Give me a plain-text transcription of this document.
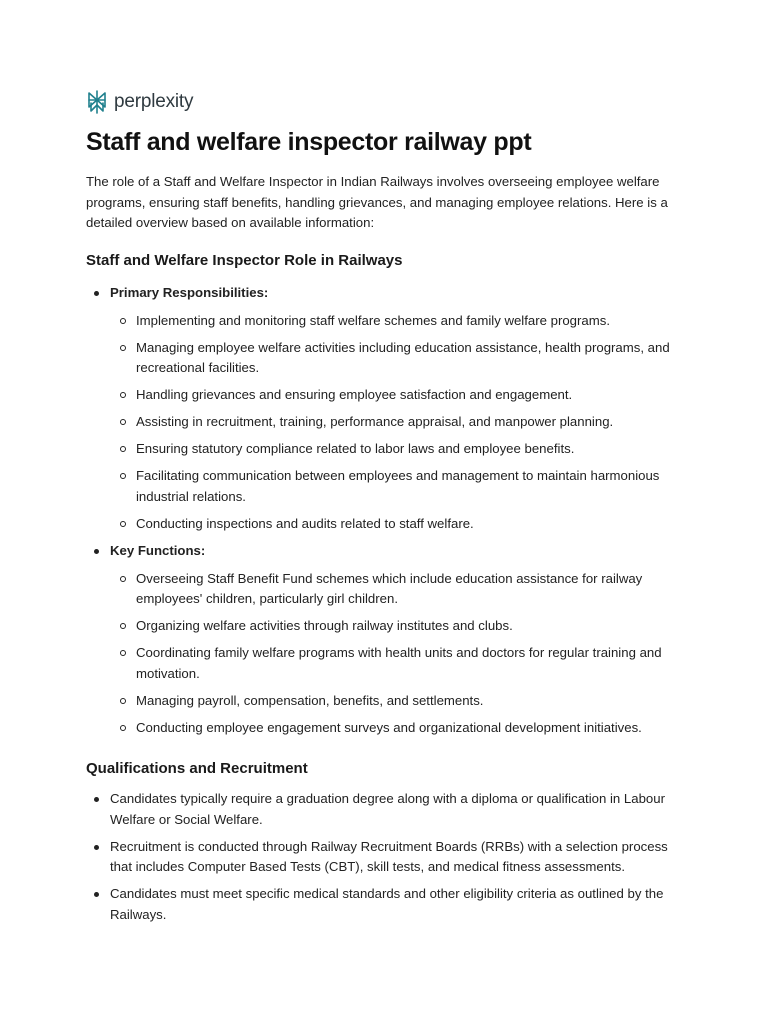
perplexity
Staff and welfare inspector railway ppt

The role of a Staff and Welfare Inspector in Indian Railways involves overseeing employee welfare programs, ensuring staff benefits, handling grievances, and managing employee relations. Here is a detailed overview based on available information:

Staff and Welfare Inspector Role in Railways
Primary Responsibilities:
Implementing and monitoring staff welfare schemes and family welfare programs.
Managing employee welfare activities including education assistance, health programs, and recreational facilities.
Handling grievances and ensuring employee satisfaction and engagement.
Assisting in recruitment, training, performance appraisal, and manpower planning.
Ensuring statutory compliance related to labor laws and employee benefits.
Facilitating communication between employees and management to maintain harmonious industrial relations.
Conducting inspections and audits related to staff welfare.
Key Functions:
Overseeing Staff Benefit Fund schemes which include education assistance for railway employees' children, particularly girl children.
Organizing welfare activities through railway institutes and clubs.
Coordinating family welfare programs with health units and doctors for regular training and motivation.
Managing payroll, compensation, benefits, and settlements.
Conducting employee engagement surveys and organizational development initiatives.
Qualifications and Recruitment
Candidates typically require a graduation degree along with a diploma or qualification in Labour Welfare or Social Welfare.
Recruitment is conducted through Railway Recruitment Boards (RRBs) with a selection process that includes Computer Based Tests (CBT), skill tests, and medical fitness assessments.
Candidates must meet specific medical standards and other eligibility criteria as outlined by the Railways.
